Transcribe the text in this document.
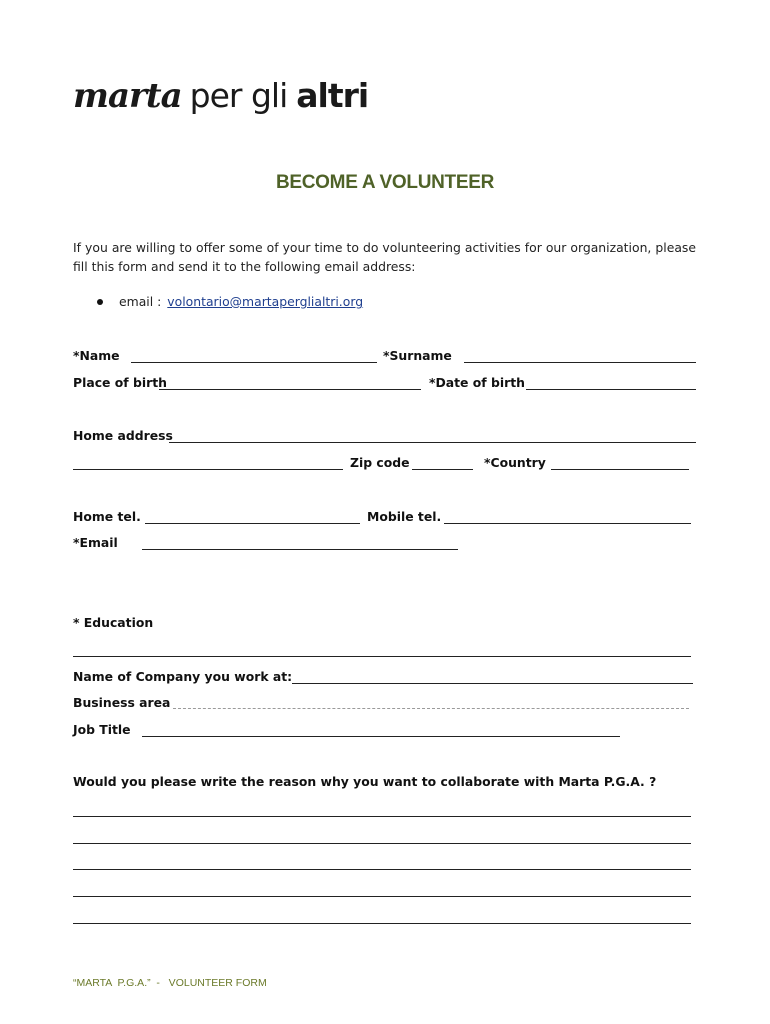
marta per gli altri
BECOME A VOLUNTEER
If you are willing to offer some of your time to do volunteering activities for our organization, please fill this form and send it to the following email address:
email : volontario@martaperglialtri.org
*Name	*Surname
Place of birth	*Date of birth
Home address
Zip code	*Country
Home tel.	Mobile tel.
*Email
* Education
Name of Company you work at:
Business area
Job Title
Would you please write the reason why you want to collaborate with Marta P.G.A. ?
“MARTA  P.G.A.”  -   VOLUNTEER FORM
